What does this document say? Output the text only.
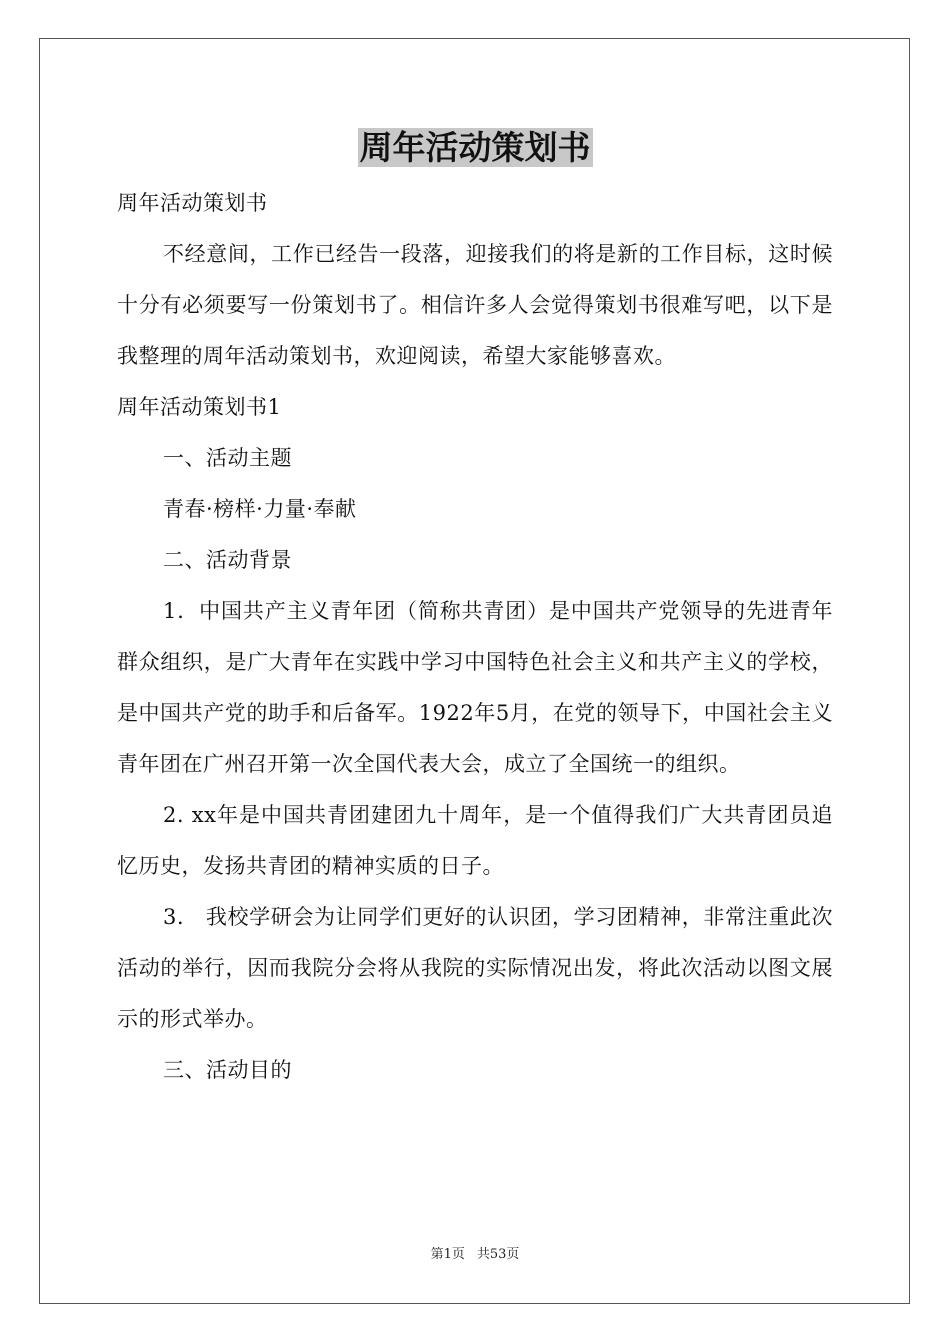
周年活动策划书

周年活动策划书

不经意间，工作已经告一段落，迎接我们的将是新的工作目标，这时候十分有必须要写一份策划书了。相信许多人会觉得策划书很难写吧，以下是我整理的周年活动策划书，欢迎阅读，希望大家能够喜欢。

周年活动策划书1

一、活动主题

青春·榜样·力量·奉献

二、活动背景

1．中国共产主义青年团（简称共青团）是中国共产党领导的先进青年群众组织，是广大青年在实践中学习中国特色社会主义和共产主义的学校，是中国共产党的助手和后备军。1922年5月，在党的领导下，中国社会主义青年团在广州召开第一次全国代表大会，成立了全国统一的组织。

2. xx年是中国共青团建团九十周年，是一个值得我们广大共青团员追忆历史，发扬共青团的精神实质的日子。

3． 我校学研会为让同学们更好的认识团，学习团精神，非常注重此次活动的举行，因而我院分会将从我院的实际情况出发，将此次活动以图文展示的形式举办。

三、活动目的

第1页 共53页
